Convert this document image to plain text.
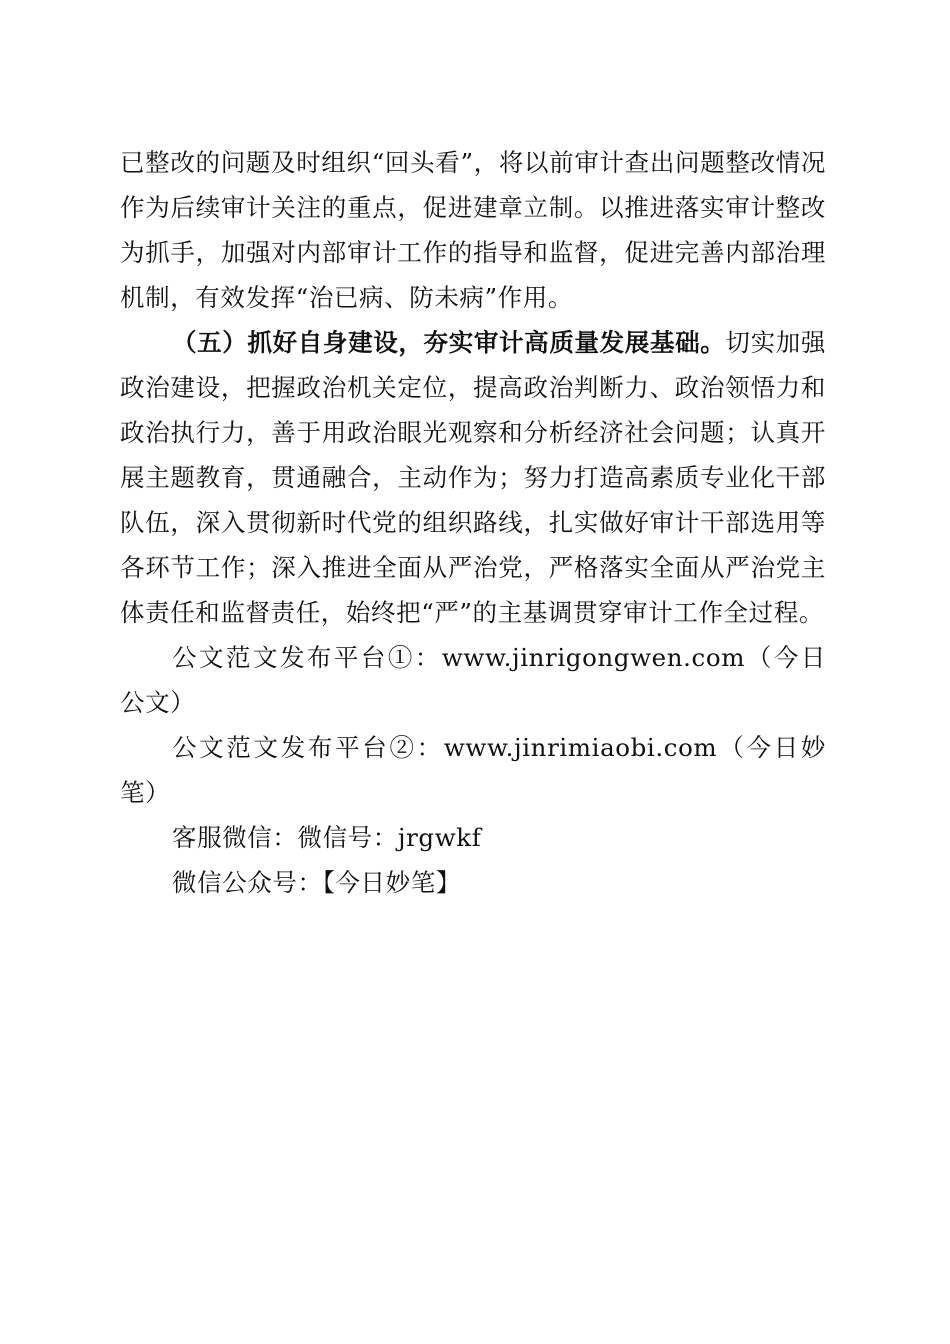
已整改的问题及时组织“回头看”，将以前审计查出问题整改情况作为后续审计关注的重点，促进建章立制。以推进落实审计整改为抓手，加强对内部审计工作的指导和监督，促进完善内部治理机制，有效发挥“治已病、防未病”作用。

（五）抓好自身建设，夯实审计高质量发展基础。切实加强政治建设，把握政治机关定位，提高政治判断力、政治领悟力和政治执行力，善于用政治眼光观察和分析经济社会问题；认真开展主题教育，贯通融合，主动作为；努力打造高素质专业化干部队伍，深入贯彻新时代党的组织路线，扎实做好审计干部选用等各环节工作；深入推进全面从严治党，严格落实全面从严治党主体责任和监督责任，始终把“严”的主基调贯穿审计工作全过程。

公文范文发布平台①：www.jinrigongwen.com（今日公文）

公文范文发布平台②：www.jinrimiaobi.com（今日妙笔）

客服微信：微信号：jrgwkf

微信公众号：【今日妙笔】
